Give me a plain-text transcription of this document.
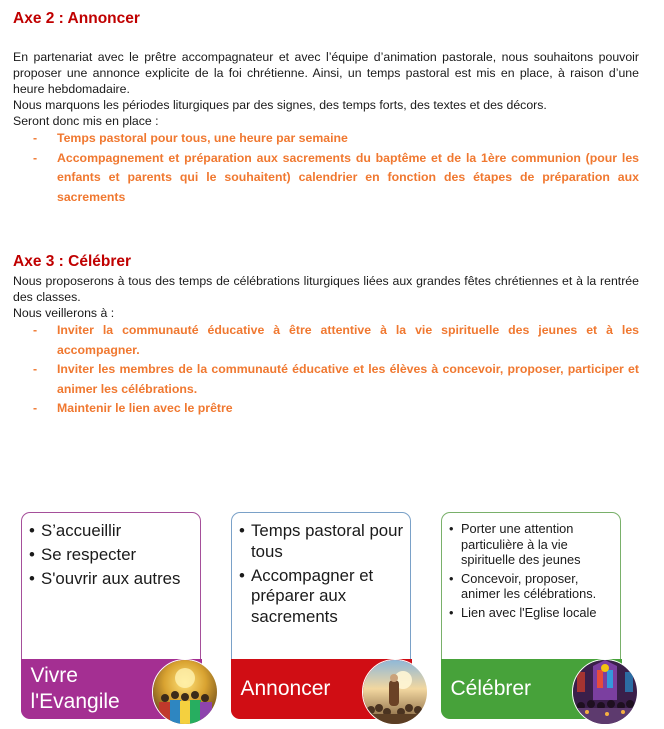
Axe 2 : Annoncer

En partenariat avec le prêtre accompagnateur et avec l’équipe d’animation pastorale, nous souhaitons pouvoir proposer une annonce explicite de la foi chrétienne. Ainsi, un temps pastoral est mis en place, à raison d’une heure hebdomadaire.

Nous marquons les périodes liturgiques par des signes, des temps forts, des textes et des décors.

Seront donc mis en place :

- Temps pastoral pour tous, une heure par semaine
- Accompagnement et préparation aux sacrements du baptême et de la 1ère communion (pour les enfants et parents qui le souhaitent) calendrier en fonction des étapes de préparation aux sacrements
Axe 3 : Célébrer

Nous proposerons à tous des temps de célébrations liturgiques liées aux grandes fêtes chrétiennes et à la rentrée des classes.

Nous veillerons à :

- Inviter la communauté éducative à être attentive à la vie spirituelle des jeunes et à les accompagner.
- Inviter les membres de la communauté éducative et les élèves à concevoir, proposer, participer et animer les célébrations.
- Maintenir le lien avec le prêtre
• S’accueillir
• Se respecter
• S'ouvrir aux autres
Vivre l'Evangile
• Temps pastoral pour tous
• Accompagner et préparer aux sacrements
Annoncer
• Porter une attention particulière à la vie spirituelle des jeunes
• Concevoir, proposer, animer les célébrations.
• Lien avec l'Eglise locale
Célébrer
